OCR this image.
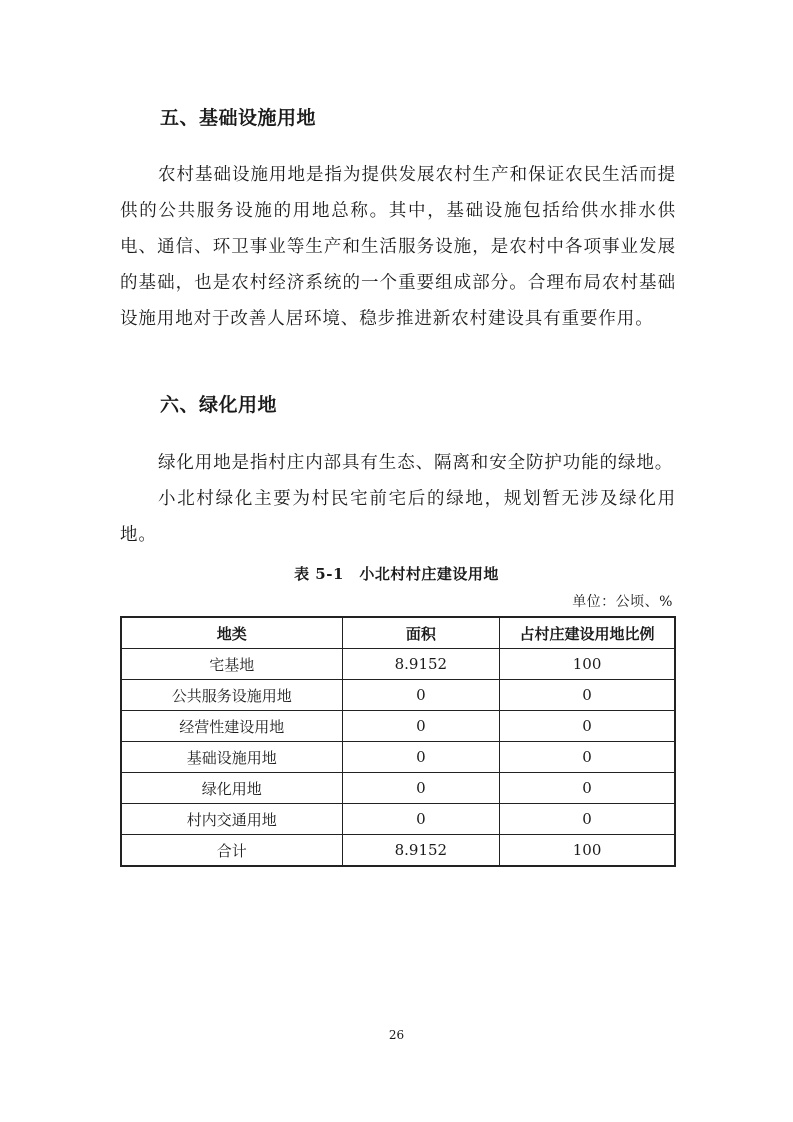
五、基础设施用地

农村基础设施用地是指为提供发展农村生产和保证农民生活而提供的公共服务设施的用地总称。其中，基础设施包括给供水排水供电、通信、环卫事业等生产和生活服务设施，是农村中各项事业发展的基础，也是农村经济系统的一个重要组成部分。合理布局农村基础设施用地对于改善人居环境、稳步推进新农村建设具有重要作用。

六、绿化用地

绿化用地是指村庄内部具有生态、隔离和安全防护功能的绿地。

小北村绿化主要为村民宅前宅后的绿地，规划暂无涉及绿化用地。

表 5-1　小北村村庄建设用地

单位：公顷、%
地类	面积	占村庄建设用地比例
宅基地	8.9152	100
公共服务设施用地	0	0
经营性建设用地	0	0
基础设施用地	0	0
绿化用地	0	0
村内交通用地	0	0
合计	8.9152	100
26
